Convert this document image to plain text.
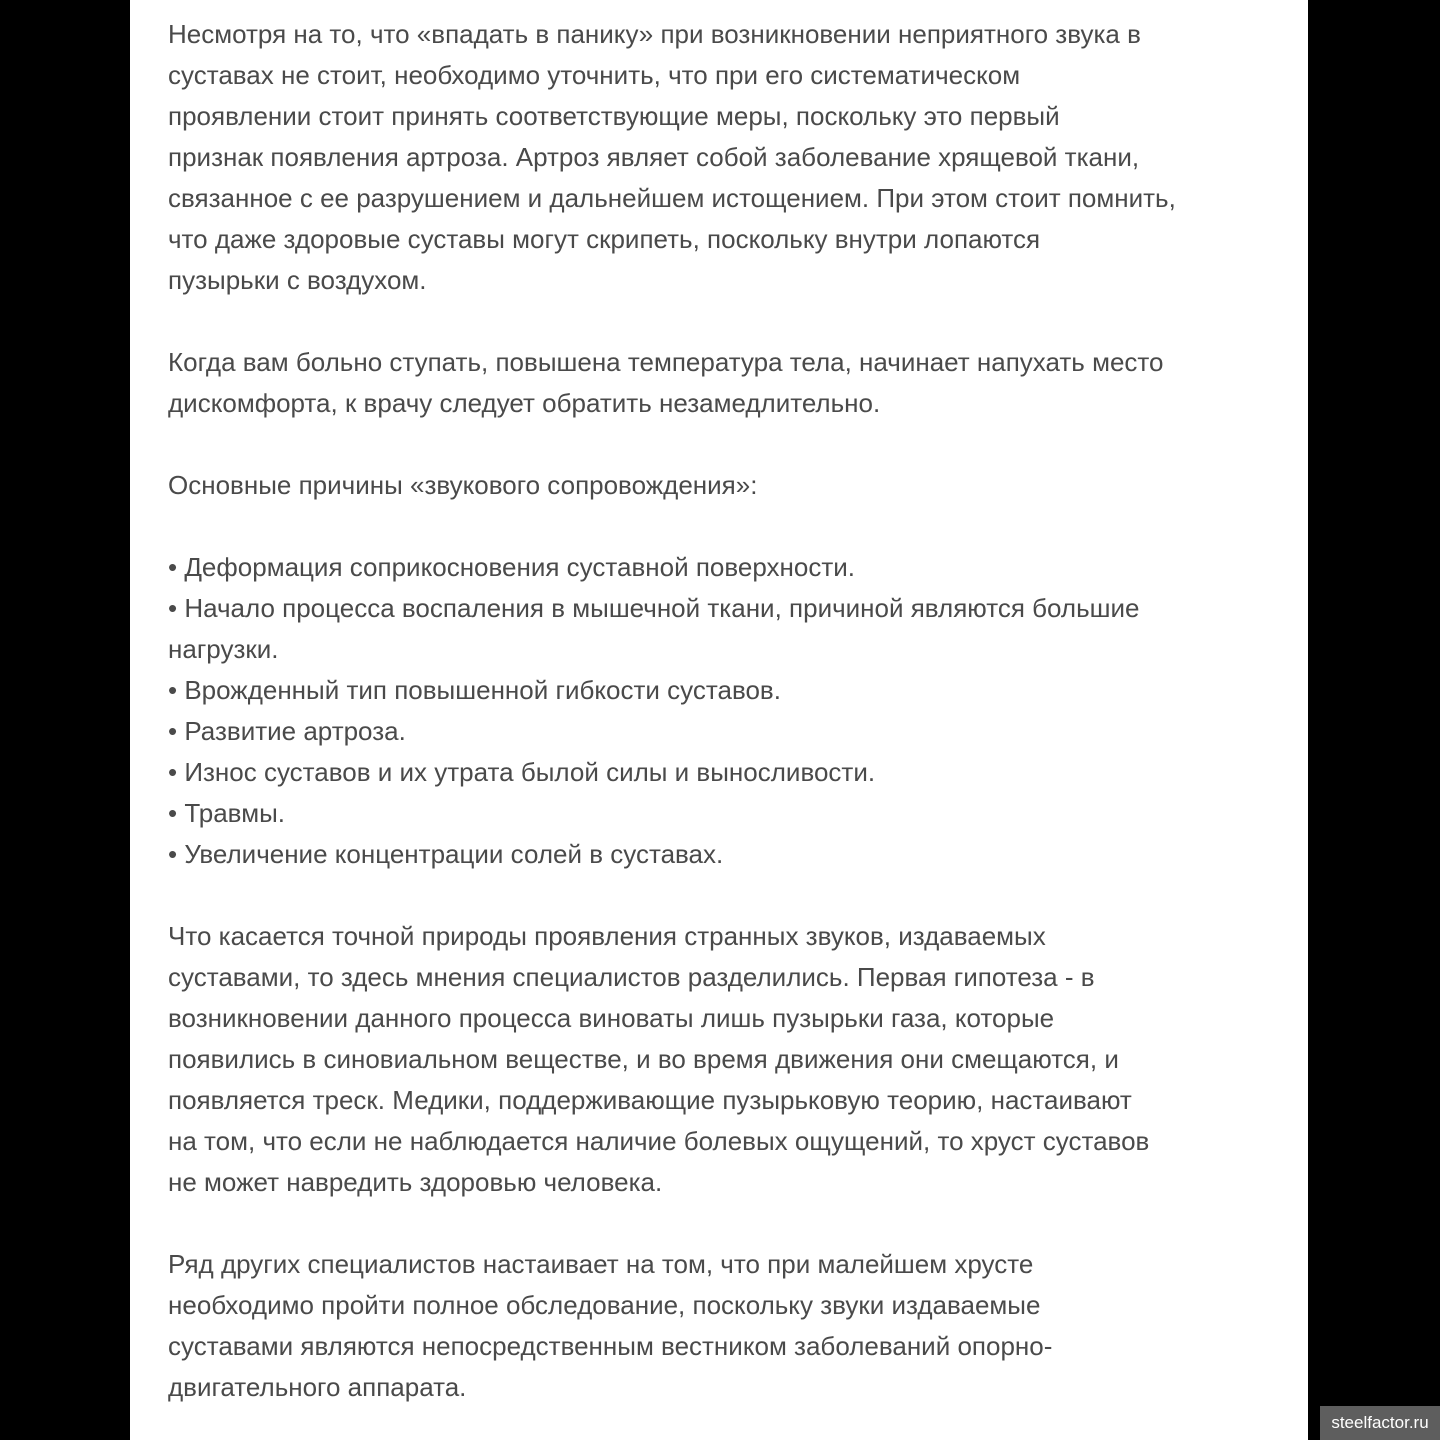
Несмотря на то, что «впадать в панику» при возникновении неприятного звука в
суставах не стоит, необходимо уточнить, что при его систематическом
проявлении стоит принять соответствующие меры, поскольку это первый
признак появления артроза. Артроз являет собой заболевание хрящевой ткани,
связанное с ее разрушением и дальнейшем истощением. При этом стоит помнить,
что даже здоровые суставы могут скрипеть, поскольку внутри лопаются
пузырьки с воздухом.
Когда вам больно ступать, повышена температура тела, начинает напухать место
дискомфорта, к врачу следует обратить незамедлительно.
Основные причины «звукового сопровождения»:
• Деформация соприкосновения суставной поверхности.
• Начало процесса воспаления в мышечной ткани, причиной являются большие
нагрузки.
• Врожденный тип повышенной гибкости суставов.
• Развитие артроза.
• Износ суставов и их утрата былой силы и выносливости.
• Травмы.
• Увеличение концентрации солей в суставах.
Что касается точной природы проявления странных звуков, издаваемых
суставами, то здесь мнения специалистов разделились. Первая гипотеза - в
возникновении данного процесса виноваты лишь пузырьки газа, которые
появились в синовиальном веществе, и во время движения они смещаются, и
появляется треск. Медики, поддерживающие пузырьковую теорию, настаивают
на том, что если не наблюдается наличие болевых ощущений, то хруст суставов
не может навредить здоровью человека.
Ряд других специалистов настаивает на том, что при малейшем хрусте
необходимо пройти полное обследование, поскольку звуки издаваемые
суставами являются непосредственным вестником заболеваний опорно-
двигательного аппарата.
steelfactor.ru
